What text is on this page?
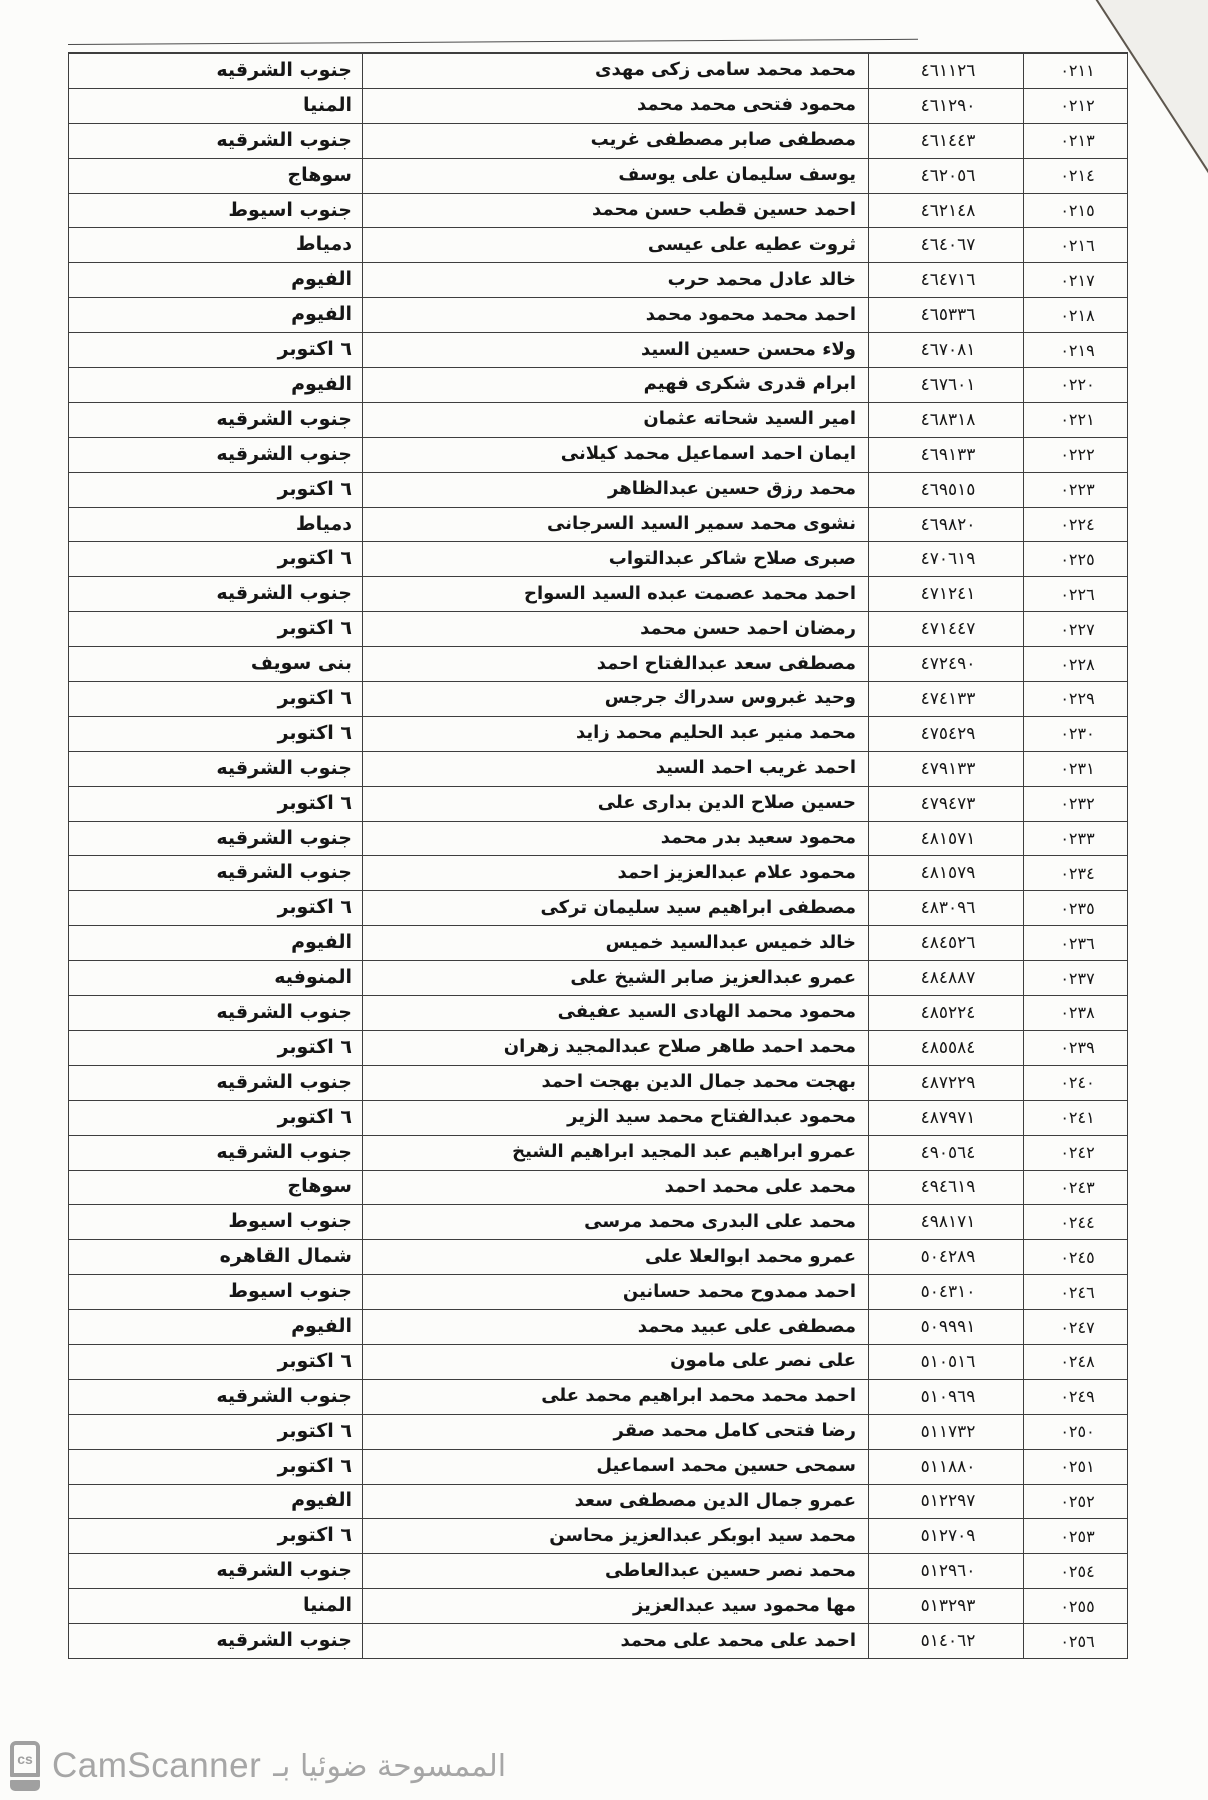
جنوب الشرقيه	محمد محمد سامى زكى مهدى	٤٦١١٢٦	٠٢١١
المنيا	محمود فتحى محمد محمد	٤٦١٢٩٠	٠٢١٢
جنوب الشرقيه	مصطفى صابر مصطفى غريب	٤٦١٤٤٣	٠٢١٣
سوهاج	يوسف سليمان على يوسف	٤٦٢٠٥٦	٠٢١٤
جنوب اسيوط	احمد حسين قطب حسن محمد	٤٦٢١٤٨	٠٢١٥
دمياط	ثروت عطيه على عيسى	٤٦٤٠٦٧	٠٢١٦
الفيوم	خالد عادل محمد حرب	٤٦٤٧١٦	٠٢١٧
الفيوم	احمد محمد محمود محمد	٤٦٥٣٣٦	٠٢١٨
٦ اكتوبر	ولاء محسن حسين السيد	٤٦٧٠٨١	٠٢١٩
الفيوم	ابرام قدرى شكرى فهيم	٤٦٧٦٠١	٠٢٢٠
جنوب الشرقيه	امير السيد شحاته عثمان	٤٦٨٣١٨	٠٢٢١
جنوب الشرقيه	ايمان احمد اسماعيل محمد كيلانى	٤٦٩١٣٣	٠٢٢٢
٦ اكتوبر	محمد رزق حسين عبدالظاهر	٤٦٩٥١٥	٠٢٢٣
دمياط	نشوى محمد سمير السيد السرجانى	٤٦٩٨٢٠	٠٢٢٤
٦ اكتوبر	صبرى صلاح شاكر عبدالتواب	٤٧٠٦١٩	٠٢٢٥
جنوب الشرقيه	احمد محمد عصمت عبده السيد السواح	٤٧١٢٤١	٠٢٢٦
٦ اكتوبر	رمضان احمد حسن محمد	٤٧١٤٤٧	٠٢٢٧
بنى سويف	مصطفى سعد عبدالفتاح احمد	٤٧٢٤٩٠	٠٢٢٨
٦ اكتوبر	وحيد غبروس سدراك جرجس	٤٧٤١٣٣	٠٢٢٩
٦ اكتوبر	محمد منير عبد الحليم محمد زايد	٤٧٥٤٢٩	٠٢٣٠
جنوب الشرقيه	احمد غريب احمد السيد	٤٧٩١٣٣	٠٢٣١
٦ اكتوبر	حسين صلاح الدين بدارى على	٤٧٩٤٧٣	٠٢٣٢
جنوب الشرقيه	محمود سعيد بدر محمد	٤٨١٥٧١	٠٢٣٣
جنوب الشرقيه	محمود علام عبدالعزيز احمد	٤٨١٥٧٩	٠٢٣٤
٦ اكتوبر	مصطفى ابراهيم سيد سليمان تركى	٤٨٣٠٩٦	٠٢٣٥
الفيوم	خالد خميس عبدالسيد خميس	٤٨٤٥٢٦	٠٢٣٦
المنوفيه	عمرو عبدالعزيز صابر الشيخ على	٤٨٤٨٨٧	٠٢٣٧
جنوب الشرقيه	محمود محمد الهادى السيد عفيفى	٤٨٥٢٢٤	٠٢٣٨
٦ اكتوبر	محمد احمد طاهر صلاح عبدالمجيد زهران	٤٨٥٥٨٤	٠٢٣٩
جنوب الشرقيه	بهجت محمد جمال الدين بهجت احمد	٤٨٧٢٢٩	٠٢٤٠
٦ اكتوبر	محمود عبدالفتاح محمد سيد الزير	٤٨٧٩٧١	٠٢٤١
جنوب الشرقيه	عمرو ابراهيم عبد المجيد ابراهيم الشيخ	٤٩٠٥٦٤	٠٢٤٢
سوهاج	محمد على محمد احمد	٤٩٤٦١٩	٠٢٤٣
جنوب اسيوط	محمد على البدرى محمد مرسى	٤٩٨١٧١	٠٢٤٤
شمال القاهره	عمرو محمد ابوالعلا على	٥٠٤٢٨٩	٠٢٤٥
جنوب اسيوط	احمد ممدوح محمد حسانين	٥٠٤٣١٠	٠٢٤٦
الفيوم	مصطفى على عبيد محمد	٥٠٩٩٩١	٠٢٤٧
٦ اكتوبر	على نصر على مامون	٥١٠٥١٦	٠٢٤٨
جنوب الشرقيه	احمد محمد محمد ابراهيم محمد على	٥١٠٩٦٩	٠٢٤٩
٦ اكتوبر	رضا فتحى كامل محمد صقر	٥١١٧٣٢	٠٢٥٠
٦ اكتوبر	سمحى حسين محمد اسماعيل	٥١١٨٨٠	٠٢٥١
الفيوم	عمرو جمال الدين مصطفى سعد	٥١٢٢٩٧	٠٢٥٢
٦ اكتوبر	محمد سيد ابوبكر عبدالعزيز محاسن	٥١٢٧٠٩	٠٢٥٣
جنوب الشرقيه	محمد نصر حسين عبدالعاطى	٥١٢٩٦٠	٠٢٥٤
المنيا	مها محمود سيد عبدالعزيز	٥١٣٢٩٣	٠٢٥٥
جنوب الشرقيه	احمد على محمد على محمد	٥١٤٠٦٢	٠٢٥٦
cs CamScanner الممسوحة ضوئيا بـ
